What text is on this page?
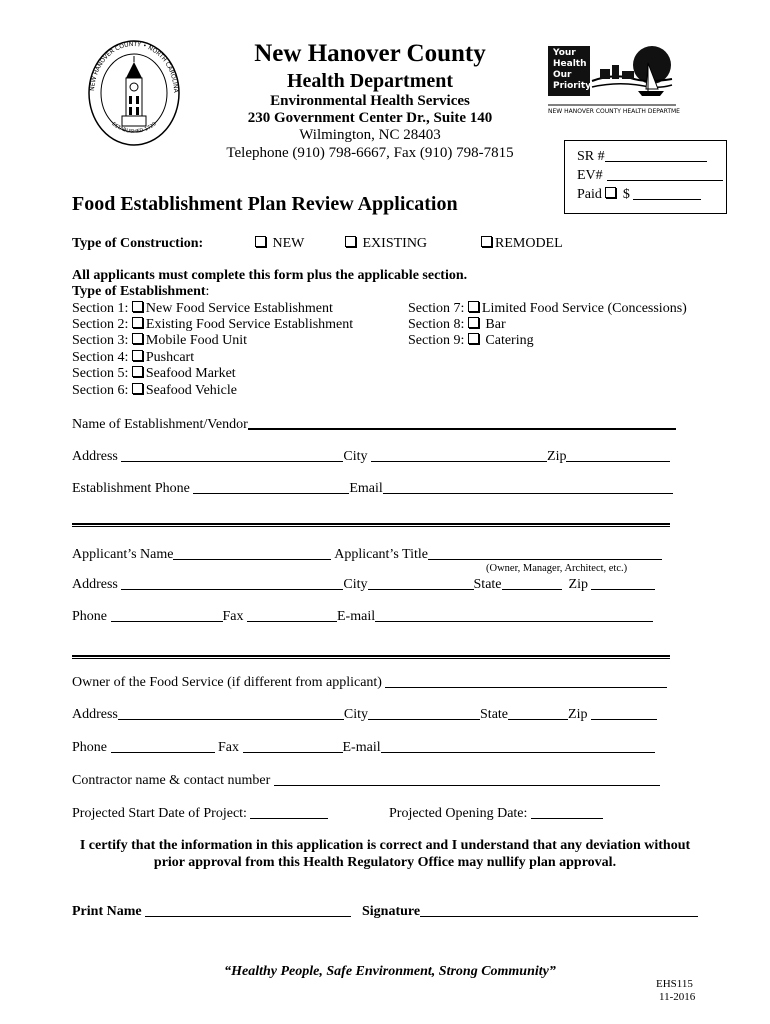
NEW HANOVER COUNTY • NORTH CAROLINA
ESTABLISHED 1729
New Hanover County
Health Department
Environmental Health Services
230 Government Center Dr., Suite 140
Wilmington, NC 28403
Telephone (910) 798-6667, Fax (910) 798-7815
NEW HANOVER COUNTY HEALTH DEPARTMENT
Your
Health
Our
Priority
SR #
EV#
Paid $
Food Establishment Plan Review Application
Type of Construction:	NEW	EXISTING	REMODEL
All applicants must complete this form plus the applicable section.
Type of Establishment:
Section 1: New Food Service Establishment
Section 2: Existing Food Service Establishment
Section 3: Mobile Food Unit
Section 4: Pushcart
Section 5: Seafood Market
Section 6: Seafood Vehicle
Section 7: Limited Food Service (Concessions)
Section 8: Bar
Section 9: Catering
Name of Establishment/Vendor
Address	City	Zip
Establishment Phone	Email
Applicant’s Name	Applicant’s Title
(Owner, Manager, Architect, etc.)
Address	City	State	Zip
Phone	Fax	E-mail
Owner of the Food Service (if different from applicant)
Address	City	State	Zip
Phone	Fax	E-mail
Contractor name & contact number
Projected Start Date of Project:	Projected Opening Date:
I certify that the information in this application is correct and I understand that any deviation without
prior approval from this Health Regulatory Office may nullify plan approval.
Print Name	Signature
“Healthy People, Safe Environment, Strong Community”
EHS115
11-2016
